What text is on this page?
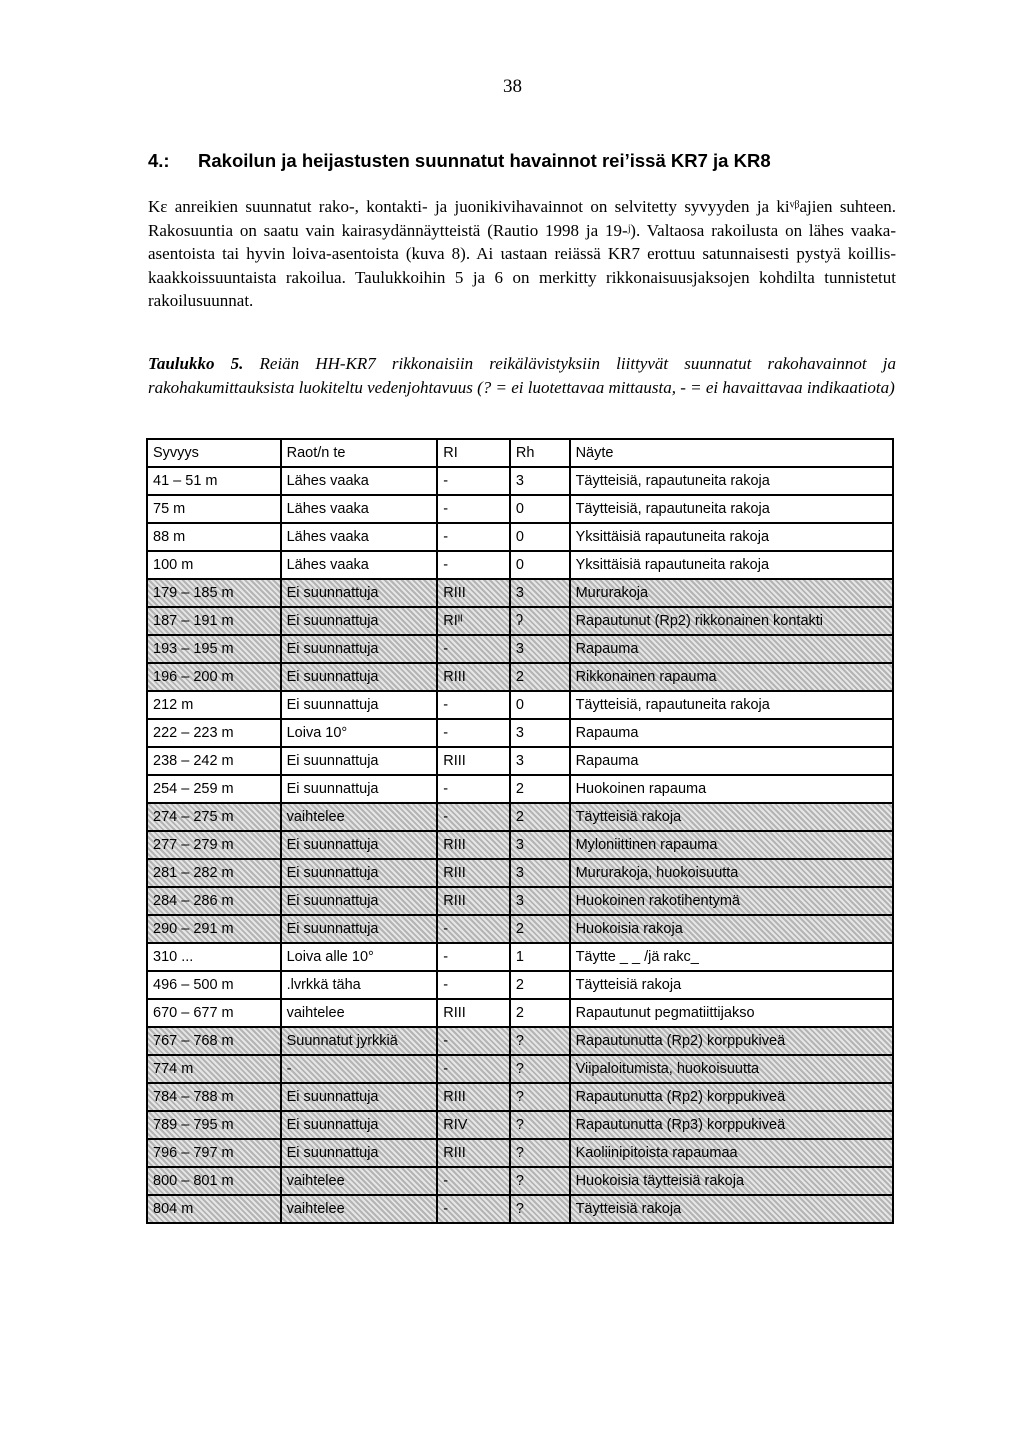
38
4.: Rakoilun ja heijastusten suunnatut havainnot rei’issä KR7 ja KR8

Kɛ anreikien suunnatut rako-, kontakti- ja juonikivihavainnot on selvitetty syvyyden ja kiᵛᵝajien suhteen. Rakosuuntia on saatu vain kairasydännäytteistä (Rautio 1998 ja 19-ʲ). Valtaosa rakoilusta on lähes vaaka-asentoista tai hyvin loiva-asentoista (kuva 8). Ai ɩastaan reiässä KR7 erottuu satunnaisesti pystyä koillis-kaakkoissuuntaista rakoilua. Taulukkoihin 5 ja 6 on merkitty rikkonaisuusjaksojen kohdilta tunnistetut rakoilusuunnat.

Taulukko 5. Reiän HH-KR7 rikkonaisiin reikälävistyksiin liittyvät suunnatut rakohavainnot ja rakohakumittauksista luokiteltu vedenjohtavuus (? = ei luotettavaa mittausta, - = ei havaittavaa indikaatiota)
Syvyys	Raot/n te	RI	Rh	Näyte
41 – 51 m	Lähes vaaka	-	3	Täytteisiä, rapautuneita rakoja
75 m	Lähes vaaka	-	0	Täytteisiä, rapautuneita rakoja
88 m	Lähes vaaka	-	0	Yksittäisiä rapautuneita rakoja
100 m	Lähes vaaka	-	0	Yksittäisiä rapautuneita rakoja
179 – 185 m	Ei suunnattuja	RIII	3	Mururakoja
187 – 191 m	Ei suunnattuja	RIᴵᴵ	ʔ	Rapautunut (Rp2) rikkonainen kontakti
193 – 195 m	Ei suunnattuja	-	3	Rapauma
196 – 200 m	Ei suunnattuja	RIII	2	Rikkonainen rapauma
212 m	Ei suunnattuja	-	0	Täytteisiä, rapautuneita rakoja
222 – 223 m	Loiva 10°	-	3	Rapauma
238 – 242 m	Ei suunnattuja	RIII	3	Rapauma
254 – 259 m	Ei suunnattuja	-	2	Huokoinen rapauma
274 – 275 m	vaihtelee	-	2	Täytteisiä rakoja
277 – 279 m	Ei suunnattuja	RIII	3	Myloniittinen rapauma
281 – 282 m	Ei suunnattuja	RIII	3	Mururakoja, huokoisuutta
284 – 286 m	Ei suunnattuja	RIII	3	Huokoinen rakotihentymä
290 – 291 m	Ei suunnattuja	-	2	Huokoisia rakoja
310 ...	Loiva alle 10°	-	1	Täytte _ _ /jä rakc_
496 – 500 m	.lvrkkä täha	-	2	Täytteisiä rakoja
670 – 677 m	vaihtelee	RIII	2	Rapautunut pegmatiittijakso
767 – 768 m	Suunnatut jyrkkiä	-	?	Rapautunutta (Rp2) korppukiveä
774 m	-	-	?	Viipaloitumista, huokoisuutta
784 – 788 m	Ei suunnattuja	RIII	?	Rapautunutta (Rp2) korppukiveä
789 – 795 m	Ei suunnattuja	RIV	?	Rapautunutta (Rp3) korppukiveä
796 – 797 m	Ei suunnattuja	RIII	?	Kaoliinipitoista rapaumaa
800 – 801 m	vaihtelee	-	?	Huokoisia täytteisiä rakoja
804 m	vaihtelee	-	?	Täytteisiä rakoja
